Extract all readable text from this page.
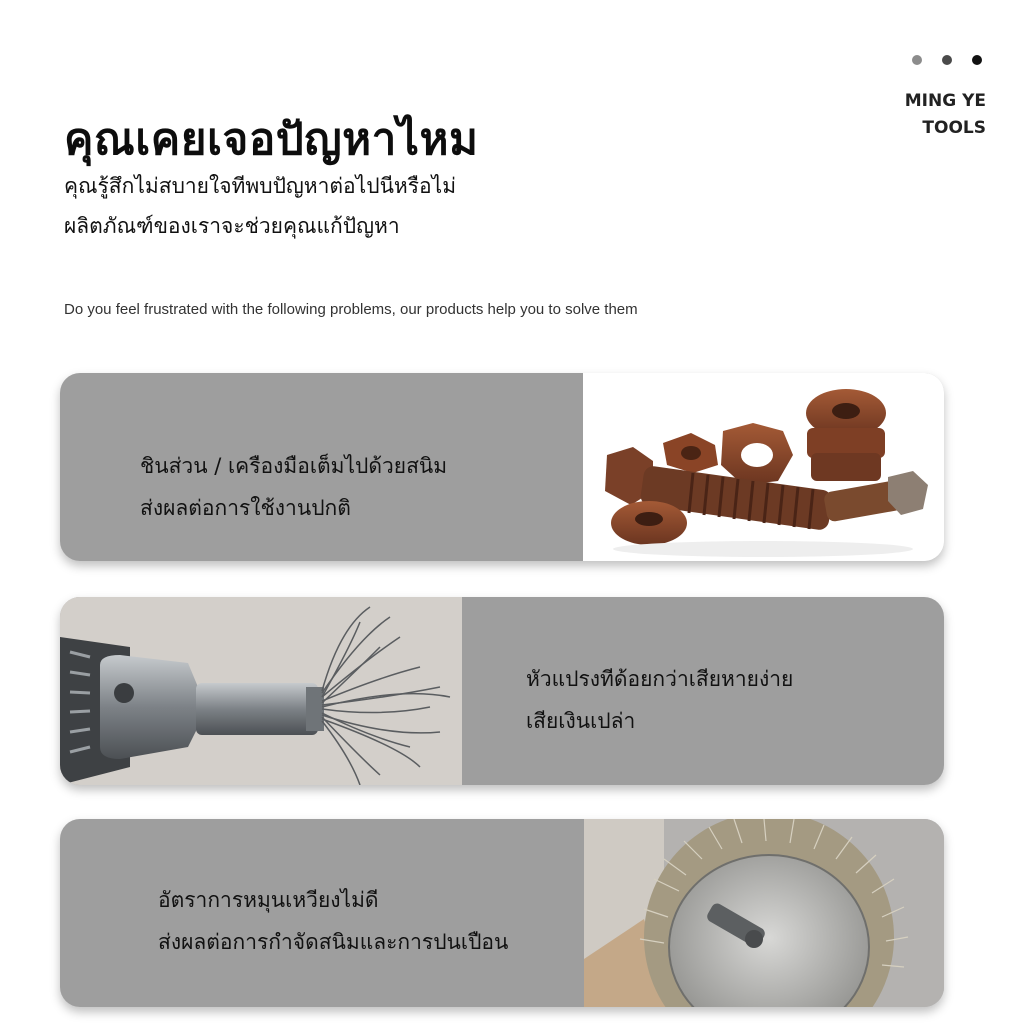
MING YE
TOOLS
คุณเคยเจอปัญหาไหม
คุณรู้สึกไม่สบายใจทีพบปัญหาต่อไปนีหรือไม่
ผลิตภัณฑ์ของเราจะช่วยคุณแก้ปัญหา

Do you feel frustrated with the following problems, our products help you to solve them

ชินส่วน / เครืองมือเต็มไปด้วยสนิม
ส่งผลต่อการใช้งานปกติ
หัวแปรงทีด้อยกว่าเสียหายง่าย
เสียเงินเปล่า
อัตราการหมุนเหวียงไม่ดี
ส่งผลต่อการกำจัดสนิมและการปนเปือน
